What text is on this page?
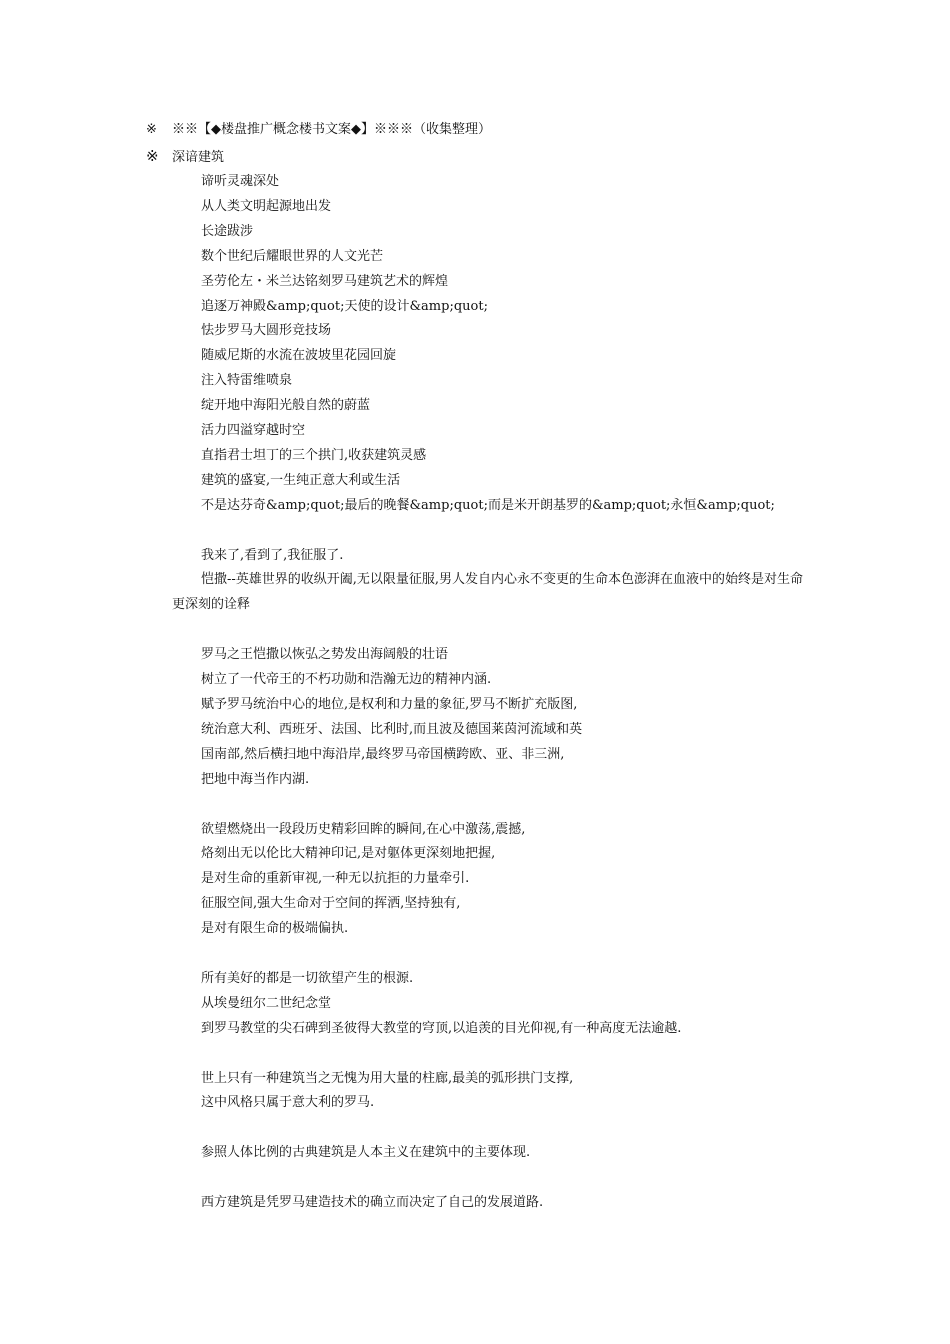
※ ※※【◆楼盘推广概念楼书文案◆】※※※（收集整理）
※ 深谙建筑
谛听灵魂深处
从人类文明起源地出发
长途跋涉
数个世纪后耀眼世界的人文光芒
圣劳伦左・米兰达铭刻罗马建筑艺术的辉煌
追逐万神殿&amp;quot;天使的设计&amp;quot;
怯步罗马大圆形竞技场
随威尼斯的水流在波坡里花园回旋
注入特雷维喷泉
绽开地中海阳光般自然的蔚蓝
活力四溢穿越时空
直指君士坦丁的三个拱门,收获建筑灵感
建筑的盛宴,一生纯正意大利或生活
不是达芬奇&amp;quot;最后的晚餐&amp;quot;而是米开朗基罗的&amp;quot;永恒&amp;quot;
我来了,看到了,我征服了.
恺撒--英雄世界的收纵开阖,无以限量征服,男人发自内心永不变更的生命本色澎湃在血液中的始终是对生命更深刻的诠释
罗马之王恺撒以恢弘之势发出海阔般的壮语
树立了一代帝王的不朽功勋和浩瀚无边的精神内涵.
赋予罗马统治中心的地位,是权利和力量的象征,罗马不断扩充版图,
统治意大利、西班牙、法国、比利时,而且波及德国莱茵河流域和英
国南部,然后横扫地中海沿岸,最终罗马帝国横跨欧、亚、非三洲,
把地中海当作内湖.
欲望燃烧出一段段历史精彩回眸的瞬间,在心中激荡,震撼,
烙刻出无以伦比大精神印记,是对躯体更深刻地把握,
是对生命的重新审视,一种无以抗拒的力量牵引.
征服空间,强大生命对于空间的挥洒,坚持独有,
是对有限生命的极端偏执.
所有美好的都是一切欲望产生的根源.
从埃曼纽尔二世纪念堂
到罗马教堂的尖石碑到圣彼得大教堂的穹顶,以追羡的目光仰视,有一种高度无法逾越.
世上只有一种建筑当之无愧为用大量的柱廊,最美的弧形拱门支撑,
这中风格只属于意大利的罗马.
参照人体比例的古典建筑是人本主义在建筑中的主要体现.
西方建筑是凭罗马建造技术的确立而决定了自己的发展道路.
